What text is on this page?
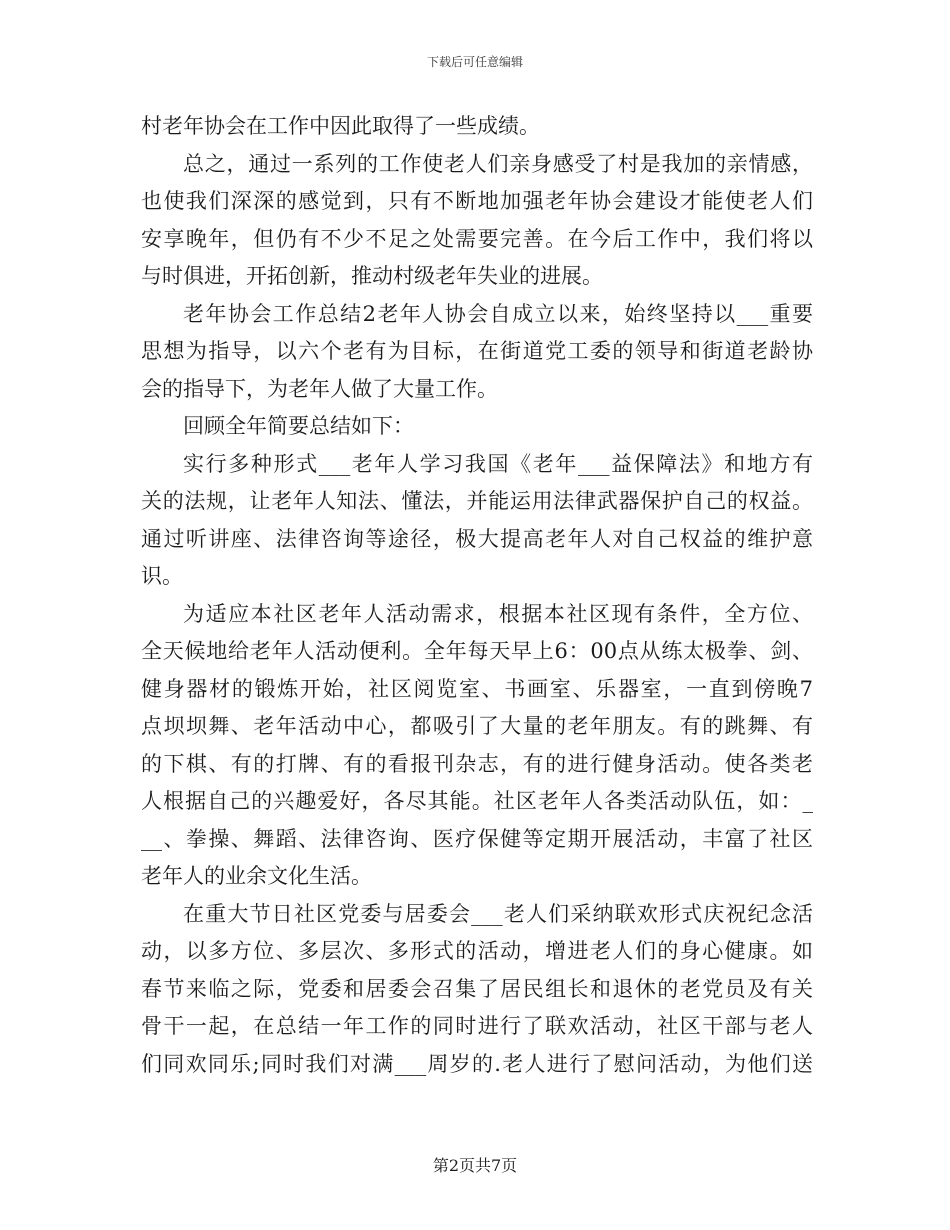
下载后可任意编辑
村老年协会在工作中因此取得了一些成绩。
总之，通过一系列的工作使老人们亲身感受了村是我加的亲情感，
也使我们深深的感觉到，只有不断地加强老年协会建设才能使老人们
安享晚年，但仍有不少不足之处需要完善。在今后工作中，我们将以
与时俱进，开拓创新，推动村级老年失业的进展。
老年协会工作总结2老年人协会自成立以来，始终坚持以___重要
思想为指导，以六个老有为目标，在街道党工委的领导和街道老龄协
会的指导下，为老年人做了大量工作。
回顾全年简要总结如下：
实行多种形式___老年人学习我国《老年___益保障法》和地方有
关的法规，让老年人知法、懂法，并能运用法律武器保护自己的权益。
通过听讲座、法律咨询等途径，极大提高老年人对自己权益的维护意
识。
为适应本社区老年人活动需求，根据本社区现有条件，全方位、
全天候地给老年人活动便利。全年每天早上6：00点从练太极拳、剑、
健身器材的锻炼开始，社区阅览室、书画室、乐器室，一直到傍晚7
点坝坝舞、老年活动中心，都吸引了大量的老年朋友。有的跳舞、有
的下棋、有的打牌、有的看报刊杂志，有的进行健身活动。使各类老
人根据自己的兴趣爱好，各尽其能。社区老年人各类活动队伍，如：_
__、拳操、舞蹈、法律咨询、医疗保健等定期开展活动，丰富了社区
老年人的业余文化生活。
在重大节日社区党委与居委会___老人们采纳联欢形式庆祝纪念活
动，以多方位、多层次、多形式的活动，增进老人们的身心健康。如
春节来临之际，党委和居委会召集了居民组长和退休的老党员及有关
骨干一起，在总结一年工作的同时进行了联欢活动，社区干部与老人
们同欢同乐;同时我们对满___周岁的.老人进行了慰问活动，为他们送
第2页共7页
